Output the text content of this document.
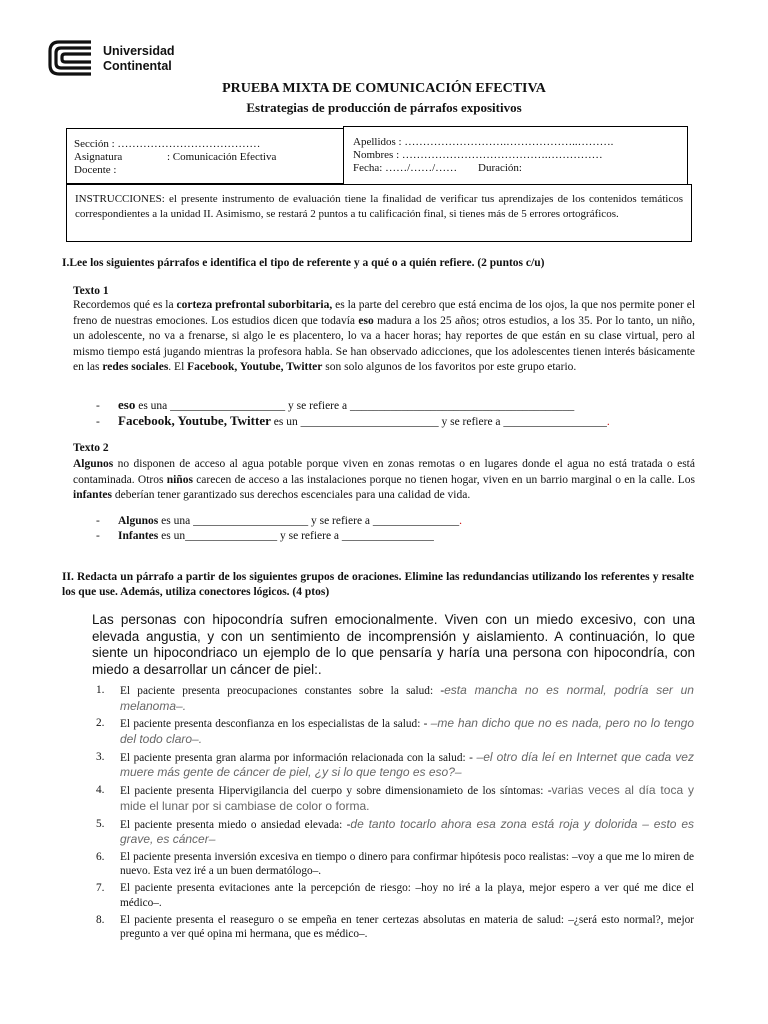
Universidad
Continental
PRUEBA MIXTA DE COMUNICACIÓN EFECTIVA
Estrategias de producción de párrafos expositivos
Sección : …………………………………
Asignatura	: Comunicación Efectiva
Docente :
Apellidos : ……………………….………………..……….
Nombres : ………………………………….……………
Fecha: ……/……/…… Duración:
INSTRUCCIONES: el presente instrumento de evaluación tiene la finalidad de verificar tus aprendizajes de los contenidos temáticos correspondientes a la unidad II. Asimismo, se restará 2 puntos a tu calificación final, si tienes más de 5 errores ortográficos.
I.Lee los siguientes párrafos e identifica el tipo de referente y a qué o a quién refiere. (2 puntos c/u)
Texto 1
Recordemos qué es la corteza prefrontal suborbitaria, es la parte del cerebro que está encima de los ojos, la que nos permite poner el freno de nuestras emociones. Los estudios dicen que todavía eso madura a los 25 años; otros estudios, a los 35. Por lo tanto, un niño, un adolescente, no va a frenarse, si algo le es placentero, lo va a hacer horas; hay reportes de que están en su clase virtual, pero al mismo tiempo está jugando mientras la profesora habla. Se han observado adicciones, que los adolescentes tienen interés básicamente en las redes sociales. El Facebook, Youtube, Twitter son solo algunos de los favoritos por este grupo etario.
- eso es una ____________________ y se refiere a _______________________________________
- Facebook, Youtube, Twitter es un ________________________ y se refiere a __________________.
Texto 2
Algunos no disponen de acceso al agua potable porque viven en zonas remotas o en lugares donde el agua no está tratada o está contaminada. Otros niños carecen de acceso a las instalaciones porque no tienen hogar, viven en un barrio marginal o en la calle. Los infantes deberían tener garantizado sus derechos escenciales para una calidad de vida.
- Algunos es una ____________________ y se refiere a _______________.
- Infantes es un________________ y se refiere a ________________
II. Redacta un párrafo a partir de los siguientes grupos de oraciones. Elimine las redundancias utilizando los referentes y resalte los que use. Además, utiliza conectores lógicos. (4 ptos)
Las personas con hipocondría sufren emocionalmente. Viven con un miedo excesivo, con una elevada angustia, y con un sentimiento de incomprensión y aislamiento. A continuación, lo que siente un hipocondriaco un ejemplo de lo que pensaría y haría una persona con hipocondría, con miedo a desarrollar un cáncer de piel:.
1. El paciente presenta preocupaciones constantes sobre la salud: -esta mancha no es normal, podría ser un melanoma–.
2. El paciente presenta desconfianza en los especialistas de la salud: - –me han dicho que no es nada, pero no lo tengo del todo claro–.
3. El paciente presenta gran alarma por información relacionada con la salud: - –el otro día leí en Internet que cada vez muere más gente de cáncer de piel, ¿y si lo que tengo es eso?–
4. El paciente presenta Hipervigilancia del cuerpo y sobre dimensionamieto de los síntomas: -varias veces al día toca y mide el lunar por si cambiase de color o forma.
5. El paciente presenta miedo o ansiedad elevada: -de tanto tocarlo ahora esa zona está roja y dolorida – esto es grave, es cáncer–
6. El paciente presenta inversión excesiva en tiempo o dinero para confirmar hipótesis poco realistas: –voy a que me lo miren de nuevo. Esta vez iré a un buen dermatólogo–.
7. El paciente presenta evitaciones ante la percepción de riesgo: –hoy no iré a la playa, mejor espero a ver qué me dice el médico–.
8. El paciente presenta el reaseguro o se empeña en tener certezas absolutas en materia de salud: –¿será esto normal?, mejor pregunto a ver qué opina mi hermana, que es médico–.
